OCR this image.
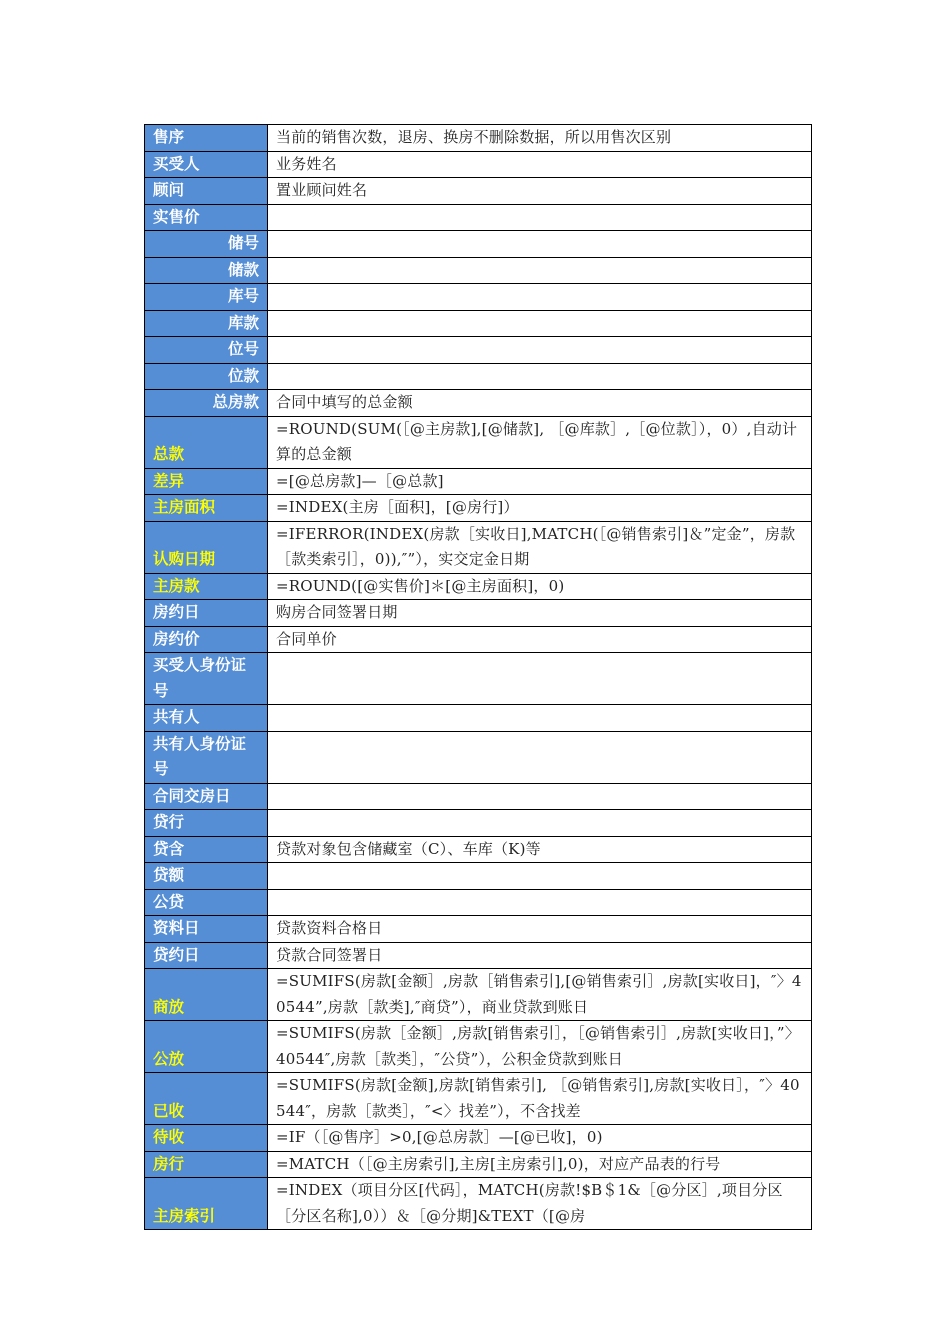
售序	当前的销售次数，退房、换房不删除数据，所以用售次区别
买受人	业务姓名
顾问	置业顾问姓名
实售价	
储号	
储款	
库号	
库款	
位号	
位款	
总房款	合同中填写的总金额
总款	=ROUND(SUM(［@主房款],[@储款], ［@库款］,［@位款］），0）,自动计算的总金额
差异	=[@总房款]—［@总款]
主房面积	=INDEX(主房［面积]，[@房行]）
认购日期	=IFERROR(INDEX(房款［实收日],MATCH(［@销售索引]＆”定金”，房款［款类索引］，0)),″”），实交定金日期
主房款	=ROUND([@实售价]＊[@主房面积]，0)
房约日	购房合同签署日期
房约价	合同单价
买受人身份证号	
共有人	
共有人身份证号	
合同交房日	
贷行	
贷含	贷款对象包含储藏室（C）、车库（K)等
贷额	
公贷	
资料日	贷款资料合格日
贷约日	贷款合同签署日
商放	=SUMIFS(房款[金额］,房款［销售索引],[@销售索引］,房款[实收日]，″〉40544”,房款［款类],″商贷”），商业贷款到账日
公放	=SUMIFS(房款［金额］,房款[销售索引］，［@销售索引］,房款[实收日]，”〉40544″,房款［款类］，″公贷”），公积金贷款到账日
已收	=SUMIFS(房款[金额],房款[销售索引], ［@销售索引],房款[实收日］，″〉40544″，房款［款类］，″<〉找差”），不含找差
待收	=IF（［@售序］>0,[@总房款］—[@已收]，0)
房行	=MATCH（［@主房索引],主房[主房索引],0)，对应产品表的行号
主房索引	=INDEX（项目分区[代码］，MATCH(房款!$B＄1&［@分区］,项目分区［分区名称],0））＆［@分期]&TEXT（[@房
